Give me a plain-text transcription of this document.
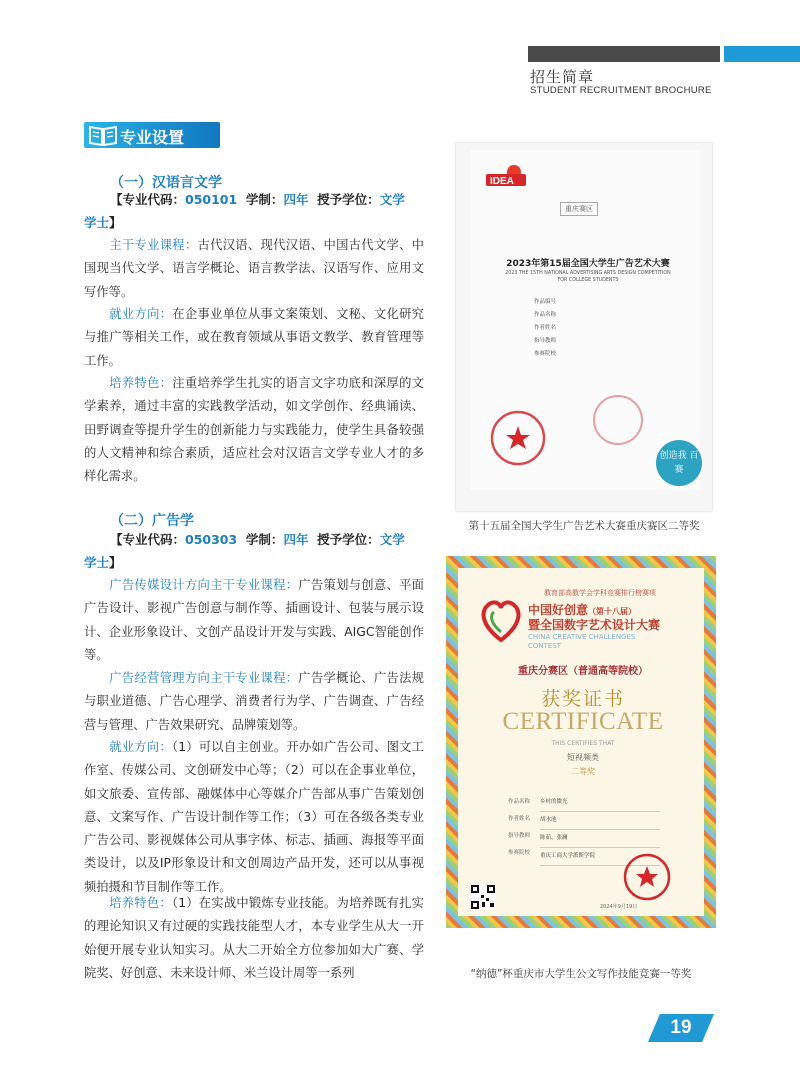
招生简章
STUDENT RECRUITMENT BROCHURE
专业设置
（一）汉语言文学
【专业代码：050101 学制：四年 授予学位：文学
学士】
主干专业课程：古代汉语、现代汉语、中国古代文学、中国现当代文学、语言学概论、语言教学法、汉语写作、应用文写作等。
就业方向：在企事业单位从事文案策划、文秘、文化研究与推广等相关工作，或在教育领域从事语文教学、教育管理等工作。
培养特色：注重培养学生扎实的语言文字功底和深厚的文学素养，通过丰富的实践教学活动，如文学创作、经典诵读、田野调查等提升学生的创新能力与实践能力，使学生具备较强的人文精神和综合素质，适应社会对汉语言文学专业人才的多样化需求。
（二）广告学
【专业代码：050303 学制：四年 授予学位：文学
学士】
广告传媒设计方向主干专业课程：广告策划与创意、平面广告设计、影视广告创意与制作等、插画设计、包装与展示设计、企业形象设计、文创产品设计开发与实践、AIGC智能创作等。
广告经营管理方向主干专业课程：广告学概论、广告法规与职业道德、广告心理学、消费者行为学、广告调查、广告经营与管理、广告效果研究、品牌策划等。
就业方向：（1）可以自主创业。开办如广告公司、图文工作室、传媒公司、文创研发中心等；（2）可以在企事业单位，如文旅委、宣传部、融媒体中心等媒介广告部从事广告策划创意、文案写作、广告设计制作等工作；（3）可在各级各类专业广告公司、影视媒体公司从事字体、标志、插画、海报等平面类设计，以及IP形象设计和文创周边产品开发，还可以从事视频拍摄和节目制作等工作。
培养特色：（1）在实战中锻炼专业技能。为培养既有扎实的理论知识又有过硬的实践技能型人才，本专业学生从大一开始便开展专业认知实习。从大二开始全方位参加如大广赛、学院奖、好创意、未来设计师、米兰设计周等一系列
IDEA
重庆赛区
2023年第15届全国大学生广告艺术大赛
2023 THE 15TH NATIONAL ADVERTISING ARTS DESIGN COMPETITION FOR COLLEGE STUDENTS
作品编号
作品名称
作者姓名
指导教师
参赛院校
创造我 百赛
第十五届全国大学生广告艺术大赛重庆赛区二等奖
教育部高教学会学科竞赛排行榜赛项
中国好创意（第十八届）
暨全国数字艺术设计大赛
CHINA CREATIVE CHALLENGES CONTEST
重庆分赛区（普通高等院校）
获奖证书
CERTIFICATE
THIS CERTIFIES THAT
短视频类
二等奖
作品名称
作者姓名
指导教师
参赛院校
乡村的微光
胡水池
陈茹、张澜
重庆工商大学派斯学院
2024年9月19日
“纳德”杯重庆市大学生公文写作技能竞赛一等奖
19
